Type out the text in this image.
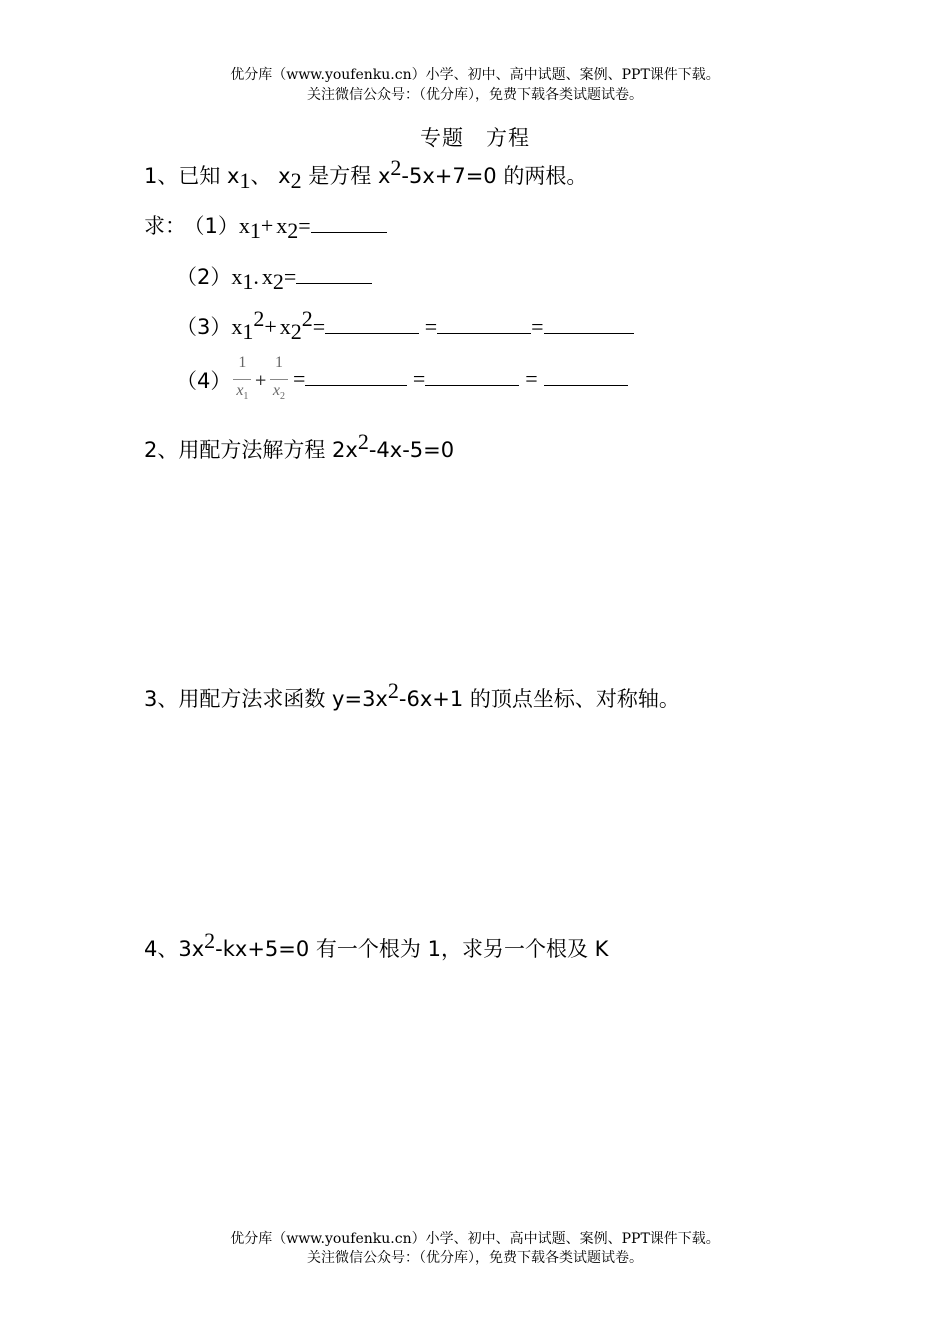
优分库（www.youfenku.cn）小学、初中、高中试题、案例、PPT课件下载。
关注微信公众号：（优分库），免费下载各类试题试卷。
专题　方程
1、已知 $x_1$、 $x_2$ 是方程 $x^2-5x+7=0$ 的两根。
求： $(1)x_1+ x_2=$
$(2)x_1$. $x_2=$
$(3)x_1^2+ x_2^2=$	=	=
$(4) \frac{1}{x_1} + \frac{1}{x_2}$ =	=	=
2、用配方法解方程 $2x^2-4x-5=0$
3、用配方法求函数 $y=3x^2-6x+1$ 的顶点坐标、对称轴。
4、$3x^2-kx+5=0$ 有一个根为 1，求另一个根及 K
优分库（www.youfenku.cn）小学、初中、高中试题、案例、PPT课件下载。
关注微信公众号：（优分库），免费下载各类试题试卷。
